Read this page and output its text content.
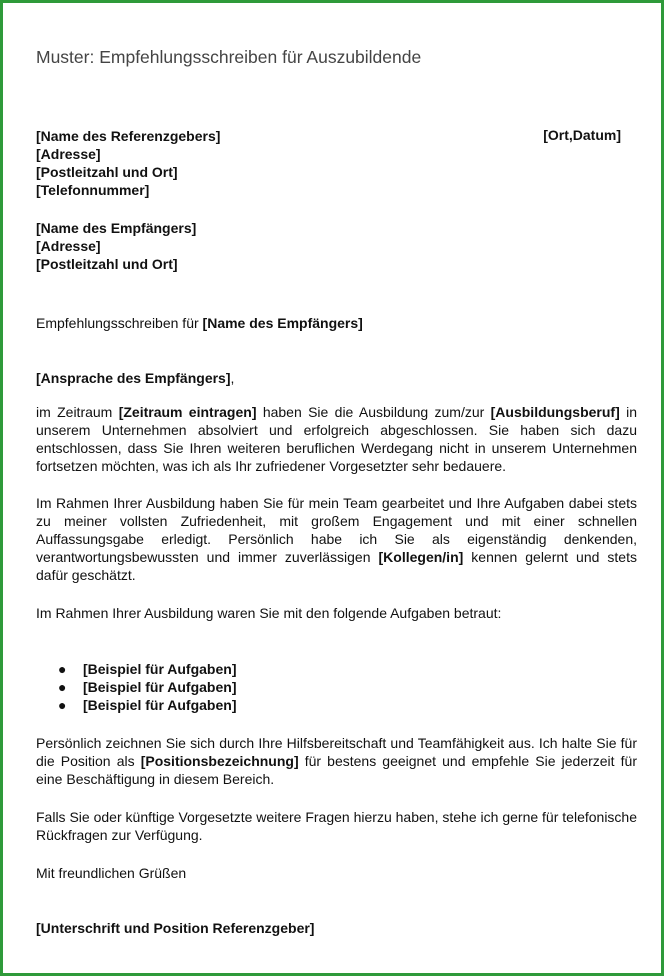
Muster: Empfehlungsschreiben für Auszubildende
[Name des Referenzgebers]	[Ort,Datum]
[Adresse]
[Postleitzahl und Ort]
[Telefonnummer]
[Name des Empfängers]
[Adresse]
[Postleitzahl und Ort]
Empfehlungsschreiben für [Name des Empfängers]
[Ansprache des Empfängers],
im Zeitraum [Zeitraum eintragen] haben Sie die Ausbildung zum/zur [Ausbildungsberuf] in unserem Unternehmen absolviert und erfolgreich abgeschlossen. Sie haben sich dazu entschlossen, dass Sie Ihren weiteren beruflichen Werdegang nicht in unserem Unternehmen fortsetzen möchten, was ich als Ihr zufriedener Vorgesetzter sehr bedauere.
Im Rahmen Ihrer Ausbildung haben Sie für mein Team gearbeitet und Ihre Aufgaben dabei stets zu meiner vollsten Zufriedenheit, mit großem Engagement und mit einer schnellen Auffassungsgabe erledigt. Persönlich habe ich Sie als eigenständig denkenden, verantwortungsbewussten und immer zuverlässigen [Kollegen/in] kennen gelernt und stets dafür geschätzt.
Im Rahmen Ihrer Ausbildung waren Sie mit den folgende Aufgaben betraut:
● [Beispiel für Aufgaben]
● [Beispiel für Aufgaben]
● [Beispiel für Aufgaben]
Persönlich zeichnen Sie sich durch Ihre Hilfsbereitschaft und Teamfähigkeit aus. Ich halte Sie für die Position als [Positionsbezeichnung] für bestens geeignet und empfehle Sie jederzeit für eine Beschäftigung in diesem Bereich.
Falls Sie oder künftige Vorgesetzte weitere Fragen hierzu haben, stehe ich gerne für telefonische Rückfragen zur Verfügung.
Mit freundlichen Grüßen
[Unterschrift und Position Referenzgeber]
